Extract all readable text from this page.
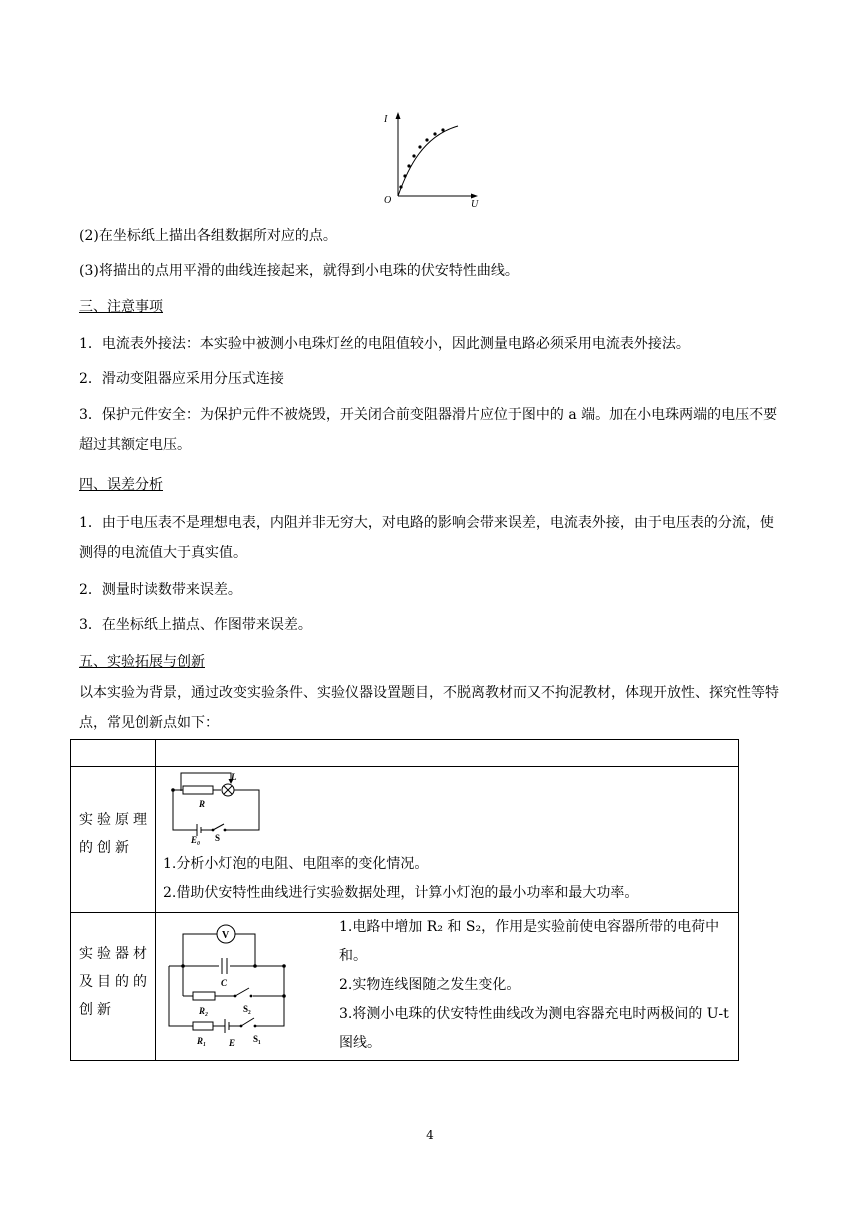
I
U
O
(2)在坐标纸上描出各组数据所对应的点。
(3)将描出的点用平滑的曲线连接起来，就得到小电珠的伏安特性曲线。
三、注意事项
1．电流表外接法：本实验中被测小电珠灯丝的电阻值较小，因此测量电路必须采用电流表外接法。
2．滑动变阻器应采用分压式连接
3．保护元件安全：为保护元件不被烧毁，开关闭合前变阻器滑片应位于图中的 a 端。加在小电珠两端的电压不要超过其额定电压。
四、误差分析
1．由于电压表不是理想电表，内阻并非无穷大，对电路的影响会带来误差，电流表外接，由于电压表的分流，使测得的电流值大于真实值。
2．测量时读数带来误差。
3．在坐标纸上描点、作图带来误差。
五、实验拓展与创新
以本实验为背景，通过改变实验条件、实验仪器设置题目，不脱离教材而又不拘泥教材，体现开放性、探究性等特点，常见创新点如下：
实验原理的创新
R
L
E₀ S
1.分析小灯泡的电阻、电阻率的变化情况。
2.借助伏安特性曲线进行实验数据处理，计算小灯泡的最小功率和最大功率。
实验器材及目的的创新
V
C
R₂	S₂
R₁	E S₁
1.电路中增加 R₂ 和 S₂，作用是实验前使电容器所带的电荷中和。
2.实物连线图随之发生变化。
3.将测小电珠的伏安特性曲线改为测电容器充电时两极间的 U-t 图线。
4
